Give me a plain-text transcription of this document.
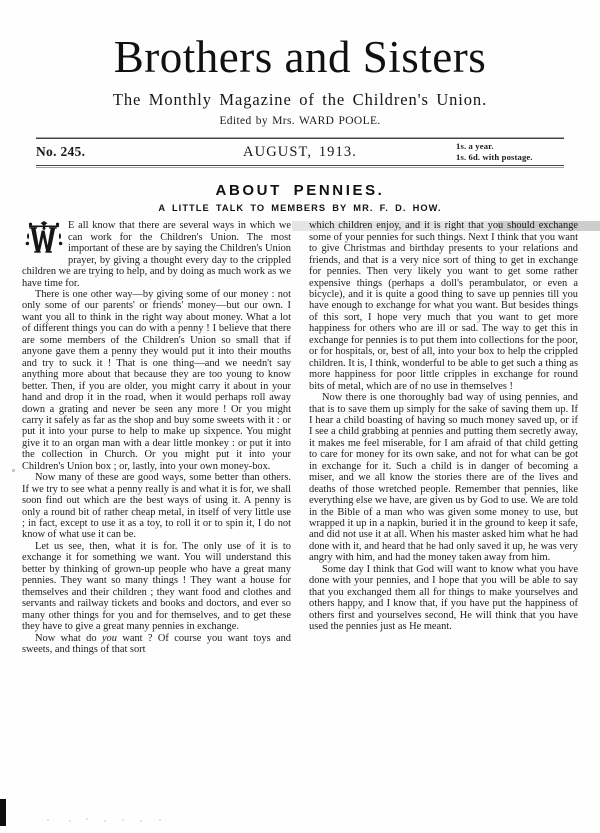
Brothers and Sisters

The Monthly Magazine of the Children's Union.

Edited by Mrs. WARD POOLE.

No. 245.	AUGUST, 1913.	1s. a year.
1s. 6d. with postage.
ABOUT PENNIES.

A LITTLE TALK TO MEMBERS BY MR. F. D. HOW.

E all know that there are several ways in which we can work for the Children's Union. The most important of these are by saying the Children's Union prayer, by giving a thought every day to the crippled children we are trying to help, and by doing as much work as we have time for.

There is one other way—by giving some of our money : not only some of our parents' or friends' money—but our own. I want you all to think in the right way about money. What a lot of different things you can do with a penny ! I believe that there are some members of the Children's Union so small that if anyone gave them a penny they would put it into their mouths and try to suck it ! That is one thing—and we needn't say anything more about that because they are too young to know better. Then, if you are older, you might carry it about in your hand and drop it in the road, when it would perhaps roll away down a grating and never be seen any more ! Or you might carry it safely as far as the shop and buy some sweets with it : or put it into your purse to help to make up sixpence. You might give it to an organ man with a dear little monkey : or put it into the collection in Church. Or you might put it into your Children's Union box ; or, lastly, into your own money-box.

Now many of these are good ways, some better than others. If we try to see what a penny really is and what it is for, we shall soon find out which are the best ways of using it. A penny is only a round bit of rather cheap metal, in itself of very little use ; in fact, except to use it as a toy, to roll it or to spin it, I do not know of what use it can be.

Let us see, then, what it is for. The only use of it is to exchange it for something we want. You will understand this better by thinking of grown-up people who have a great many pennies. They want so many things ! They want a house for themselves and their children ; they want food and clothes and servants and railway tickets and books and doctors, and ever so many other things for you and for themselves, and to get these they have to give a great many pennies in exchange.

Now what do you want ? Of course you want toys and sweets, and things of that sort

which children enjoy, and it is right that you should exchange some of your pennies for such things. Next I think that you want to give Christmas and birthday presents to your relations and friends, and that is a very nice sort of thing to get in exchange for pennies. Then very likely you want to get some rather expensive things (perhaps a doll's perambulator, or even a bicycle), and it is quite a good thing to save up pennies till you have enough to exchange for what you want. But besides things of this sort, I hope very much that you want to get more happiness for others who are ill or sad. The way to get this in exchange for pennies is to put them into collections for the poor, or for hospitals, or, best of all, into your box to help the crippled children. It is, I think, wonderful to be able to get such a thing as more happiness for poor little cripples in exchange for round bits of metal, which are of no use in themselves !

Now there is one thoroughly bad way of using pennies, and that is to save them up simply for the sake of saving them up. If I hear a child boasting of having so much money saved up, or if I see a child grabbing at pennies and putting them secretly away, it makes me feel miserable, for I am afraid of that child getting to care for money for its own sake, and not for what can be got in exchange for it. Such a child is in danger of becoming a miser, and we all know the stories there are of the lives and deaths of those wretched people. Remember that pennies, like everything else we have, are given us by God to use. We are told in the Bible of a man who was given some money to use, but wrapped it up in a napkin, buried it in the ground to keep it safe, and did not use it at all. When his master asked him what he had done with it, and heard that he had only saved it up, he was very angry with him, and had the money taken away from him.

Some day I think that God will want to know what you have done with your pennies, and I hope that you will be able to say that you exchanged them all for things to make yourselves and others happy, and I know that, if you have put the happiness of others first and yourselves second, He will think that you have used the pennies just as He meant.
